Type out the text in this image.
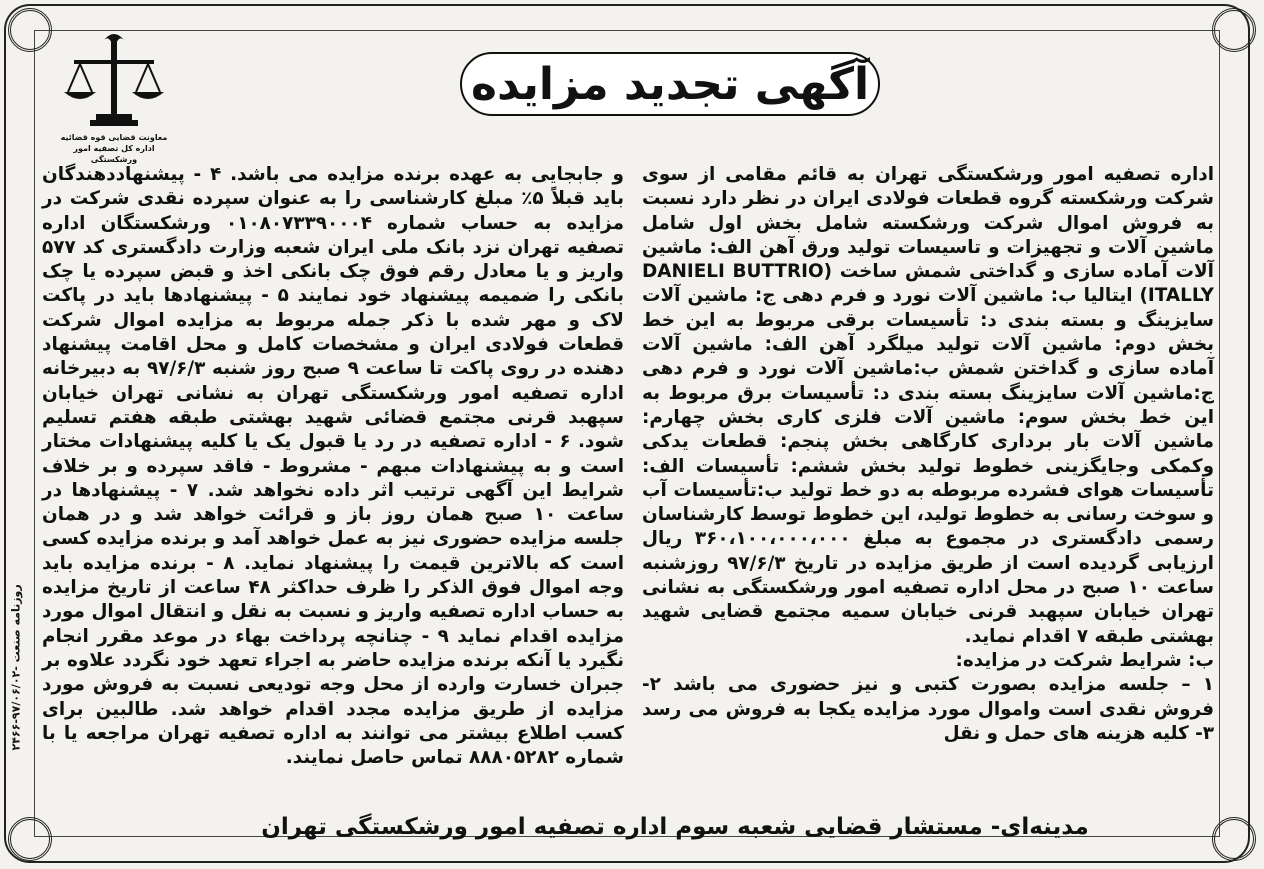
روزنامه صنعت -۹۷/۰۶/۰۲-۲۴۶۶
معاونت قضایی قوه قضائیه
اداره کل تصفیه امور ورشکستگی
آگهی تجدید مزایده

اداره تصفیه امور ورشکستگی تهران به قائم مقامی از سوی شرکت ورشکسته گروه قطعات فولادی ایران در نظر دارد نسبت به فروش اموال شرکت ورشکسته شامل بخش اول شامل ماشین آلات و تجهیزات و تاسیسات تولید ورق آهن الف: ماشین آلات آماده سازی و گداختی شمش ساخت (DANIELI BUTTRIO ITALLY) ایتالیا ب: ماشین آلات نورد و فرم دهی ج: ماشین آلات سایزینگ و بسته بندی د: تأسیسات برقی مربوط به این خط بخش دوم: ماشین آلات تولید میلگرد آهن الف: ماشین آلات آماده سازی و گداختن شمش ب:ماشین آلات نورد و فرم دهی ج:ماشین آلات سایزینگ بسته بندی د: تأسیسات برق مربوط به این خط بخش سوم: ماشین آلات فلزی کاری بخش چهارم: ماشین آلات بار برداری کارگاهی بخش پنجم: قطعات یدکی وکمکی وجایگزینی خطوط تولید بخش ششم: تأسیسات الف: تأسیسات هوای فشرده مربوطه به دو خط تولید ب:تأسیسات آب و سوخت رسانی به خطوط تولید، این خطوط توسط کارشناسان رسمی دادگستری در مجموع به مبلغ ۳۶۰،۱۰۰،۰۰۰،۰۰۰ ریال ارزیابی گردیده است از طریق مزایده در تاریخ ۹۷/۶/۳ روزشنبه ساعت ۱۰ صبح در محل اداره تصفیه امور ورشکستگی به نشانی تهران خیابان سپهبد قرنی خیابان سمیه مجتمع قضایی شهید بهشتی طبقه ۷ اقدام نماید.

ب: شرایط شرکت در مزایده:

۱ – جلسه مزایده بصورت کتبی و نیز حضوری می باشد ۲- فروش نقدی است واموال مورد مزایده یکجا به فروش می رسد ۳- کلیه هزینه های حمل و نقل

و جابجایی به عهده برنده مزایده می باشد. ۴ - پیشنهاددهندگان باید قبلاً ۵٪ مبلغ کارشناسی را به عنوان سپرده نقدی شرکت در مزایده به حساب شماره ۰۱۰۸۰۷۳۳۹۰۰۰۴ ورشکستگان اداره تصفیه تهران نزد بانک ملی ایران شعبه وزارت دادگستری کد ۵۷۷ واریز و یا معادل رقم فوق چک بانکی اخذ و قبض سپرده یا چک بانکی را ضمیمه پیشنهاد خود نمایند ۵ - پیشنهادها باید در پاکت لاک و مهر شده با ذکر جمله مربوط به مزایده اموال شرکت قطعات فولادی ایران و مشخصات کامل و محل اقامت پیشنهاد دهنده در روی پاکت تا ساعت ۹ صبح روز شنبه ۹۷/۶/۳ به دبیرخانه اداره تصفیه امور ورشکستگی تهران به نشانی تهران خیابان سپهبد قرنی مجتمع قضائی شهید بهشتی طبقه هفتم تسلیم شود. ۶ - اداره تصفیه در رد یا قبول یک یا کلیه پیشنهادات مختار است و به پیشنهادات مبهم - مشروط - فاقد سپرده و بر خلاف شرایط این آگهی ترتیب اثر داده نخواهد شد. ۷ - پیشنهادها در ساعت ۱۰ صبح همان روز باز و قرائت خواهد شد و در همان جلسه مزایده حضوری نیز به عمل خواهد آمد و برنده مزایده کسی است که بالاترین قیمت را پیشنهاد نماید. ۸ - برنده مزایده باید وجه اموال فوق الذکر را ظرف حداکثر ۴۸ ساعت از تاریخ مزایده به حساب اداره تصفیه واریز و نسبت به نقل و انتقال اموال مورد مزایده اقدام نماید ۹ - چنانچه پرداخت بهاء در موعد مقرر انجام نگیرد یا آنکه برنده مزایده حاضر به اجراء تعهد خود نگردد علاوه بر جبران خسارت وارده از محل وجه تودیعی نسبت به فروش مورد مزایده از طریق مزایده مجدد اقدام خواهد شد. طالبین برای کسب اطلاع بیشتر می توانند به اداره تصفیه تهران مراجعه یا با شماره ۸۸۸۰۵۲۸۲ تماس حاصل نمایند.

مدینه‌ای- مستشار قضایی شعبه سوم اداره تصفیه امور ورشکستگی تهران
